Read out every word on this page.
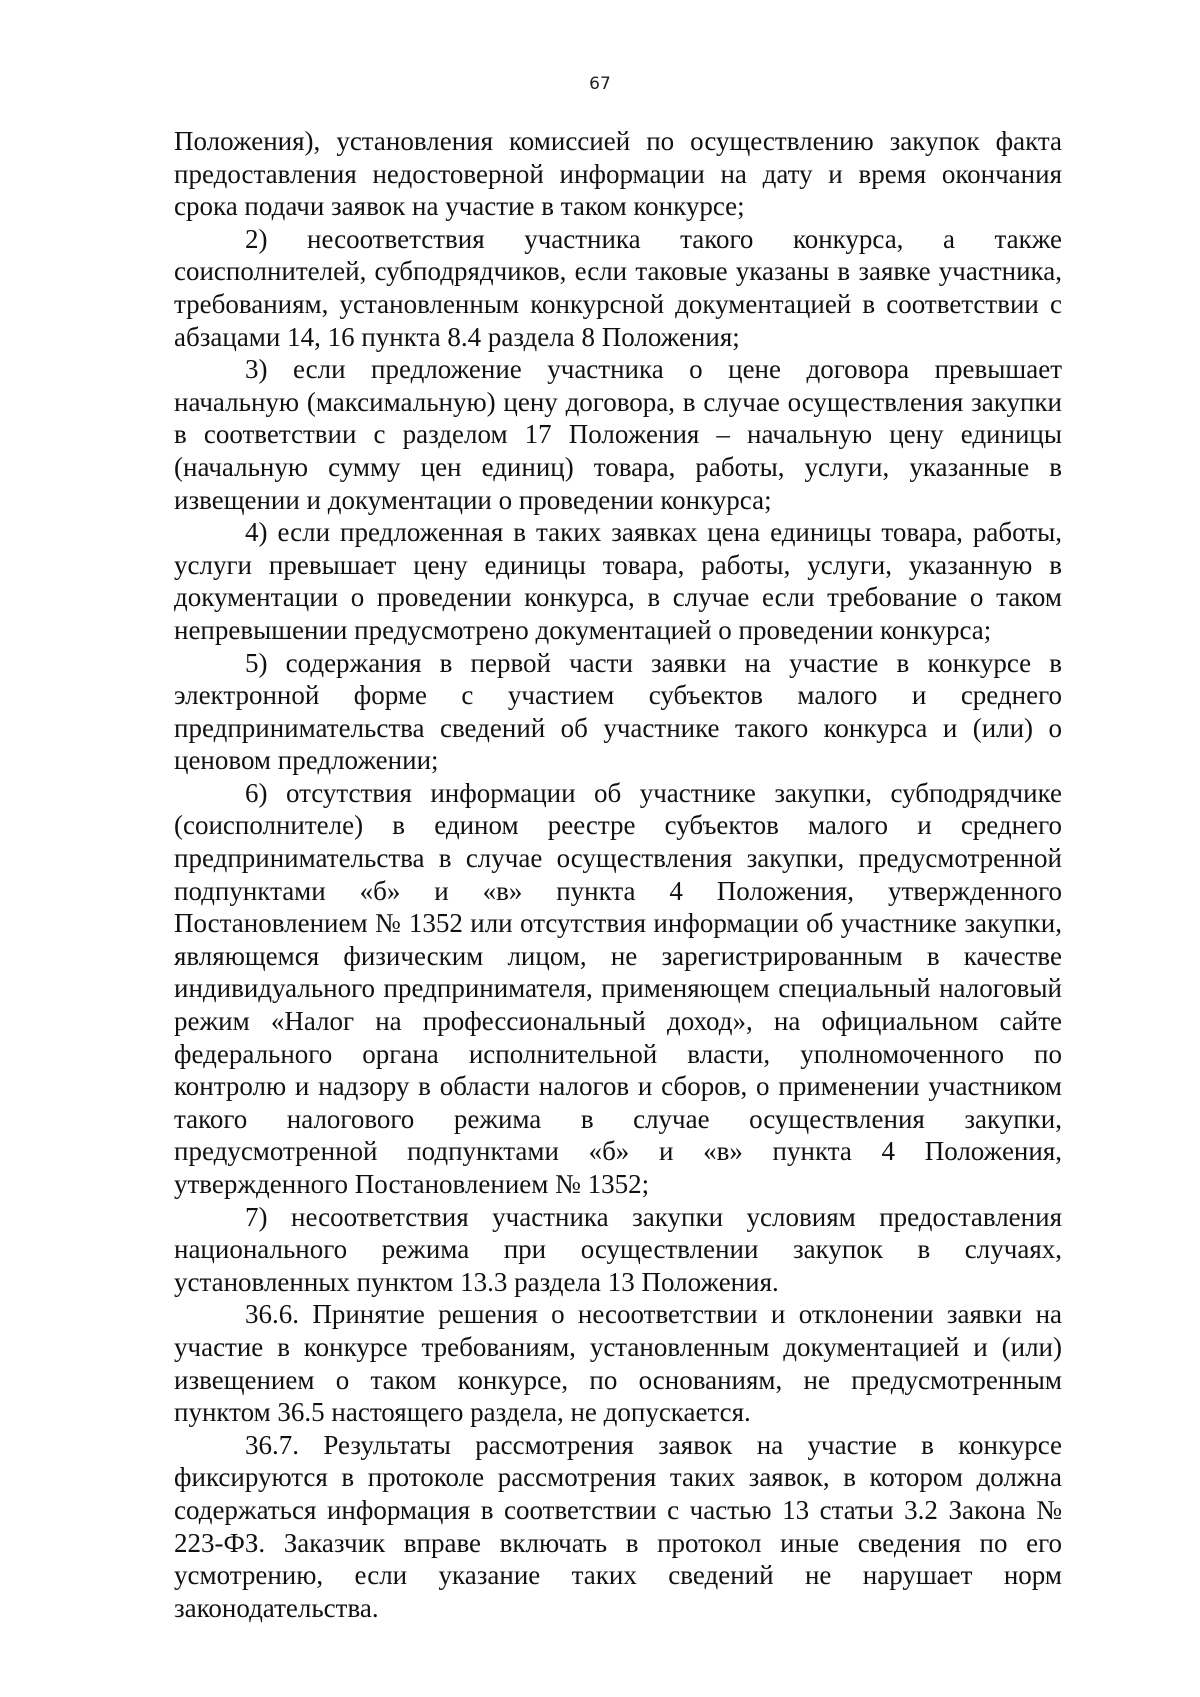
67

Положения), установления комиссией по осуществлению закупок факта предоставления недостоверной информации на дату и время окончания срока подачи заявок на участие в таком конкурсе;

2) несоответствия участника такого конкурса, а также соисполнителей, субподрядчиков, если таковые указаны в заявке участника, требованиям, установленным конкурсной документацией в соответствии с абзацами 14, 16 пункта 8.4 раздела 8 Положения;

3) если предложение участника о цене договора превышает начальную (максимальную) цену договора, в случае осуществления закупки в соответствии с разделом 17 Положения – начальную цену единицы (начальную сумму цен единиц) товара, работы, услуги, указанные в извещении и документации о проведении конкурса;

4) если предложенная в таких заявках цена единицы товара, работы, услуги превышает цену единицы товара, работы, услуги, указанную в документации о проведении конкурса, в случае если требование о таком непревышении предусмотрено документацией о проведении конкурса;

5) содержания в первой части заявки на участие в конкурсе в электронной форме с участием субъектов малого и среднего предпринимательства сведений об участнике такого конкурса и (или) о ценовом предложении;

6) отсутствия информации об участнике закупки, субподрядчике (соисполнителе) в едином реестре субъектов малого и среднего предпринимательства в случае осуществления закупки, предусмотренной подпунктами «б» и «в» пункта 4 Положения, утвержденного Постановлением № 1352 или отсутствия информации об участнике закупки, являющемся физическим лицом, не зарегистрированным в качестве индивидуального предпринимателя, применяющем специальный налоговый режим «Налог на профессиональный доход», на официальном сайте федерального органа исполнительной власти, уполномоченного по контролю и надзору в области налогов и сборов, о применении участником такого налогового режима в случае осуществления закупки, предусмотренной подпунктами «б» и «в» пункта 4 Положения, утвержденного Постановлением № 1352;

7) несоответствия участника закупки условиям предоставления национального режима при осуществлении закупок в случаях, установленных пунктом 13.3 раздела 13 Положения.

36.6. Принятие решения о несоответствии и отклонении заявки на участие в конкурсе требованиям, установленным документацией и (или) извещением о таком конкурсе, по основаниям, не предусмотренным пунктом 36.5 настоящего раздела, не допускается.

36.7. Результаты рассмотрения заявок на участие в конкурсе фиксируются в протоколе рассмотрения таких заявок, в котором должна содержаться информация в соответствии с частью 13 статьи 3.2 Закона № 223-ФЗ. Заказчик вправе включать в протокол иные сведения по его усмотрению, если указание таких сведений не нарушает норм законодательства.
